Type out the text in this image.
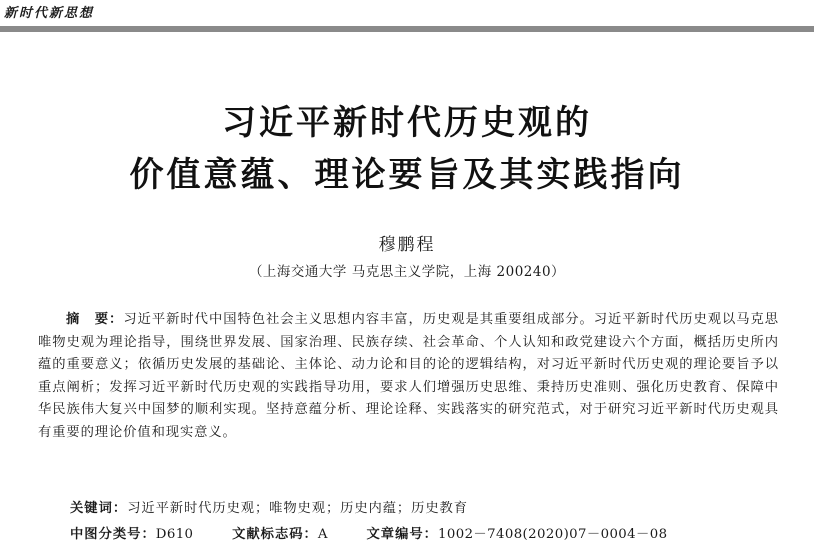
新时代新思想
习近平新时代历史观的
价值意蕴、理论要旨及其实践指向
穆鹏程
（上海交通大学 马克思主义学院，上海 200240）

摘　要：习近平新时代中国特色社会主义思想内容丰富，历史观是其重要组成部分。习近平新时代历史观以马克思唯物史观为理论指导，围绕世界发展、国家治理、民族存续、社会革命、个人认知和政党建设六个方面，概括历史所内蕴的重要意义；依循历史发展的基础论、主体论、动力论和目的论的逻辑结构，对习近平新时代历史观的理论要旨予以重点阐析；发挥习近平新时代历史观的实践指导功用，要求人们增强历史思维、秉持历史准则、强化历史教育、保障中华民族伟大复兴中国梦的顺利实现。坚持意蕴分析、理论诠释、实践落实的研究范式，对于研究习近平新时代历史观具有重要的理论价值和现实意义。

关键词：习近平新时代历史观；唯物史观；历史内蕴；历史教育
中图分类号：D610	文献标志码：A	文章编号：1002－7408(2020)07－0004－08
